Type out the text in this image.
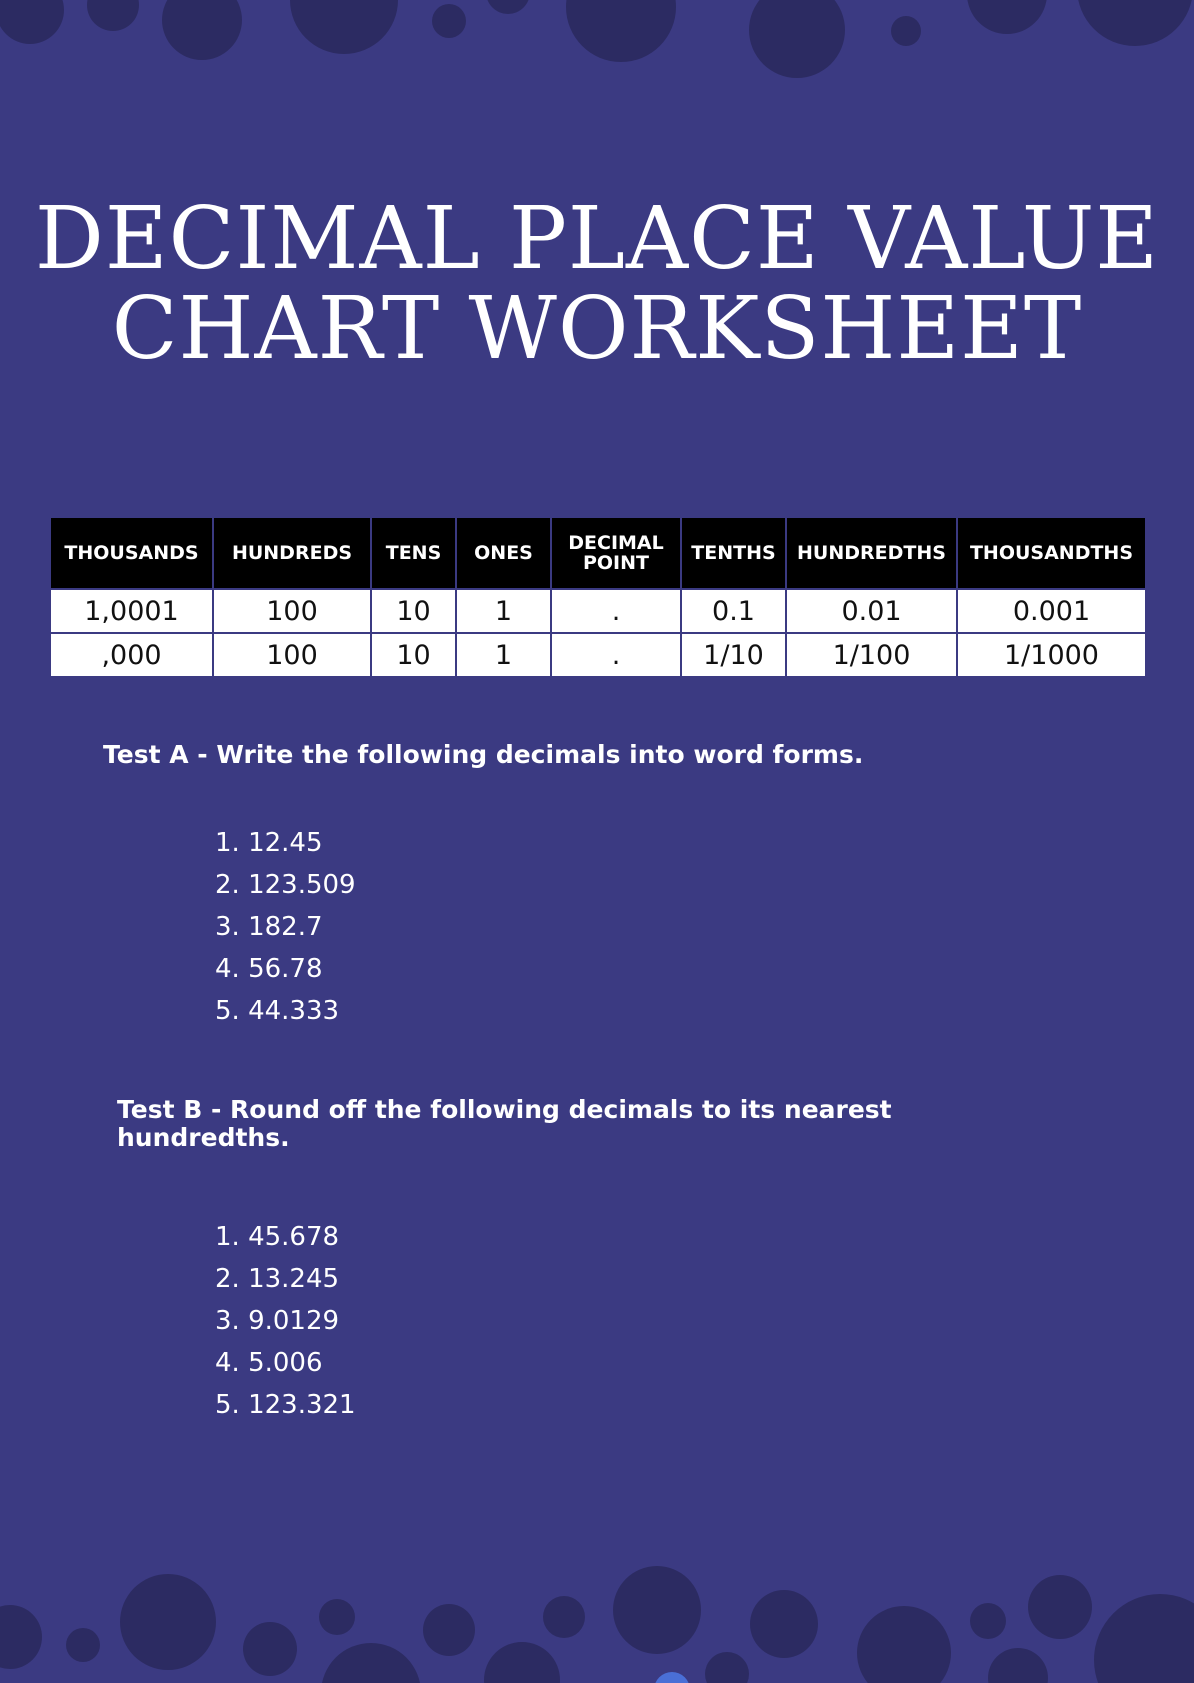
DECIMAL PLACE VALUE
CHART WORKSHEET
THOUSANDS	HUNDREDS	TENS	ONES	DECIMAL POINT	TENTHS	HUNDREDTHS	THOUSANDTHS
1,0001	100	10	1	.	0.1	0.01	0.001
,000	100	10	1	.	1/10	1/100	1/1000
Test A - Write the following decimals into word forms.
1. 12.45
2. 123.509
3. 182.7
4. 56.78
5. 44.333
Test B - Round off the following decimals to its nearest hundredths.
1. 45.678
2. 13.245
3. 9.0129
4. 5.006
5. 123.321
